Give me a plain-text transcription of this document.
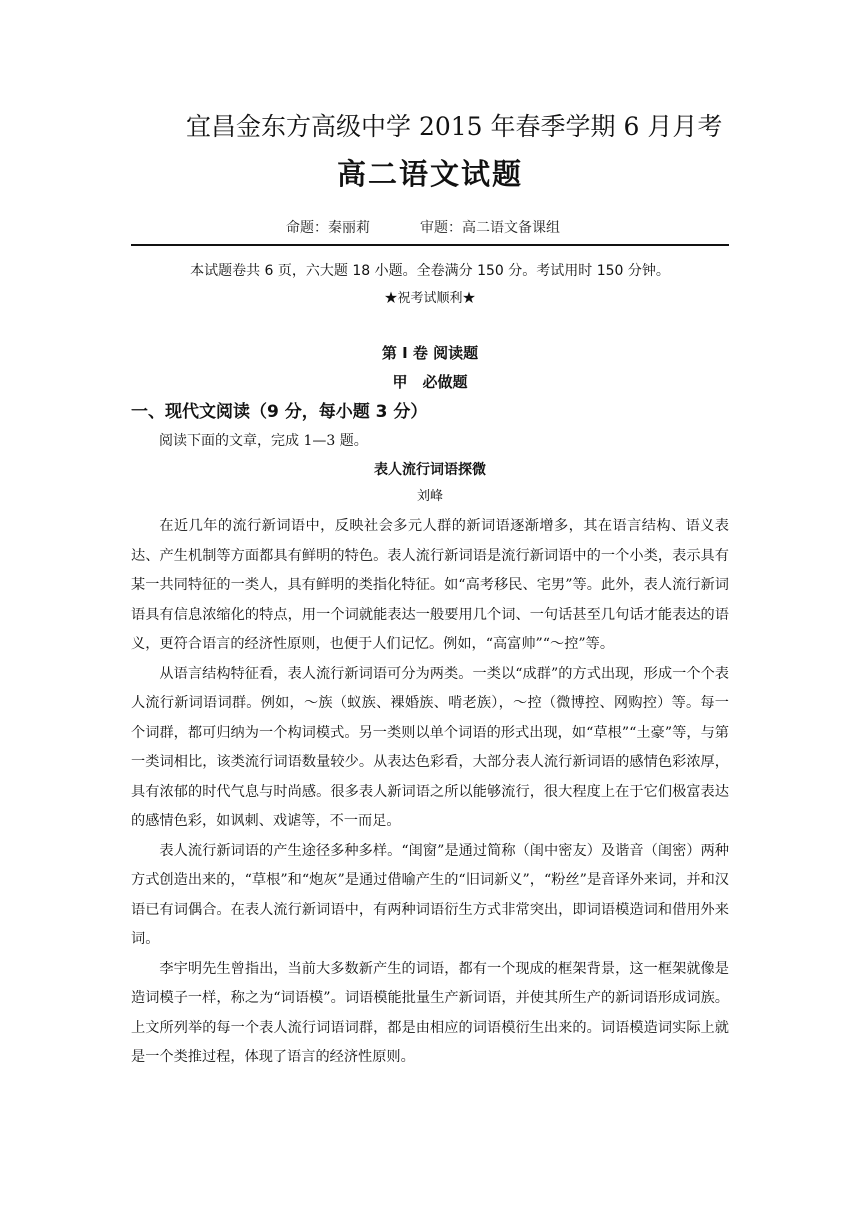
宜昌金东方高级中学 2015 年春季学期 6 月月考
高二语文试题
命题：秦丽莉	审题：高二语文备课组
本试题卷共 6 页，六大题 18 小题。全卷满分 150 分。考试用时 150 分钟。
★祝考试顺利★
第 I 卷 阅读题
甲　必做题
一、现代文阅读（9 分，每小题 3 分）
阅读下面的文章，完成 1—3 题。
表人流行词语探微
刘峰

在近几年的流行新词语中，反映社会多元人群的新词语逐渐增多，其在语言结构、语义表达、产生机制等方面都具有鲜明的特色。表人流行新词语是流行新词语中的一个小类，表示具有某一共同特征的一类人，具有鲜明的类指化特征。如“高考移民、宅男”等。此外，表人流行新词语具有信息浓缩化的特点，用一个词就能表达一般要用几个词、一句话甚至几句话才能表达的语义，更符合语言的经济性原则，也便于人们记忆。例如，“高富帅”“～控”等。

从语言结构特征看，表人流行新词语可分为两类。一类以“成群”的方式出现，形成一个个表人流行新词语词群。例如，～族（蚁族、裸婚族、啃老族），～控（微博控、网购控）等。每一个词群，都可归纳为一个构词模式。另一类则以单个词语的形式出现，如“草根”“土豪”等，与第一类词相比，该类流行词语数量较少。从表达色彩看，大部分表人流行新词语的感情色彩浓厚，具有浓郁的时代气息与时尚感。很多表人新词语之所以能够流行，很大程度上在于它们极富表达的感情色彩，如讽刺、戏谑等，不一而足。

表人流行新词语的产生途径多种多样。“闺窗”是通过简称（闺中密友）及谐音（闺密）两种方式创造出来的，“草根”和“炮灰”是通过借喻产生的“旧词新义”，“粉丝”是音译外来词，并和汉语已有词偶合。在表人流行新词语中，有两种词语衍生方式非常突出，即词语模造词和借用外来词。

李宇明先生曾指出，当前大多数新产生的词语，都有一个现成的框架背景，这一框架就像是造词模子一样，称之为“词语模”。词语模能批量生产新词语，并使其所生产的新词语形成词族。上文所列举的每一个表人流行词语词群，都是由相应的词语模衍生出来的。词语模造词实际上就是一个类推过程，体现了语言的经济性原则。
